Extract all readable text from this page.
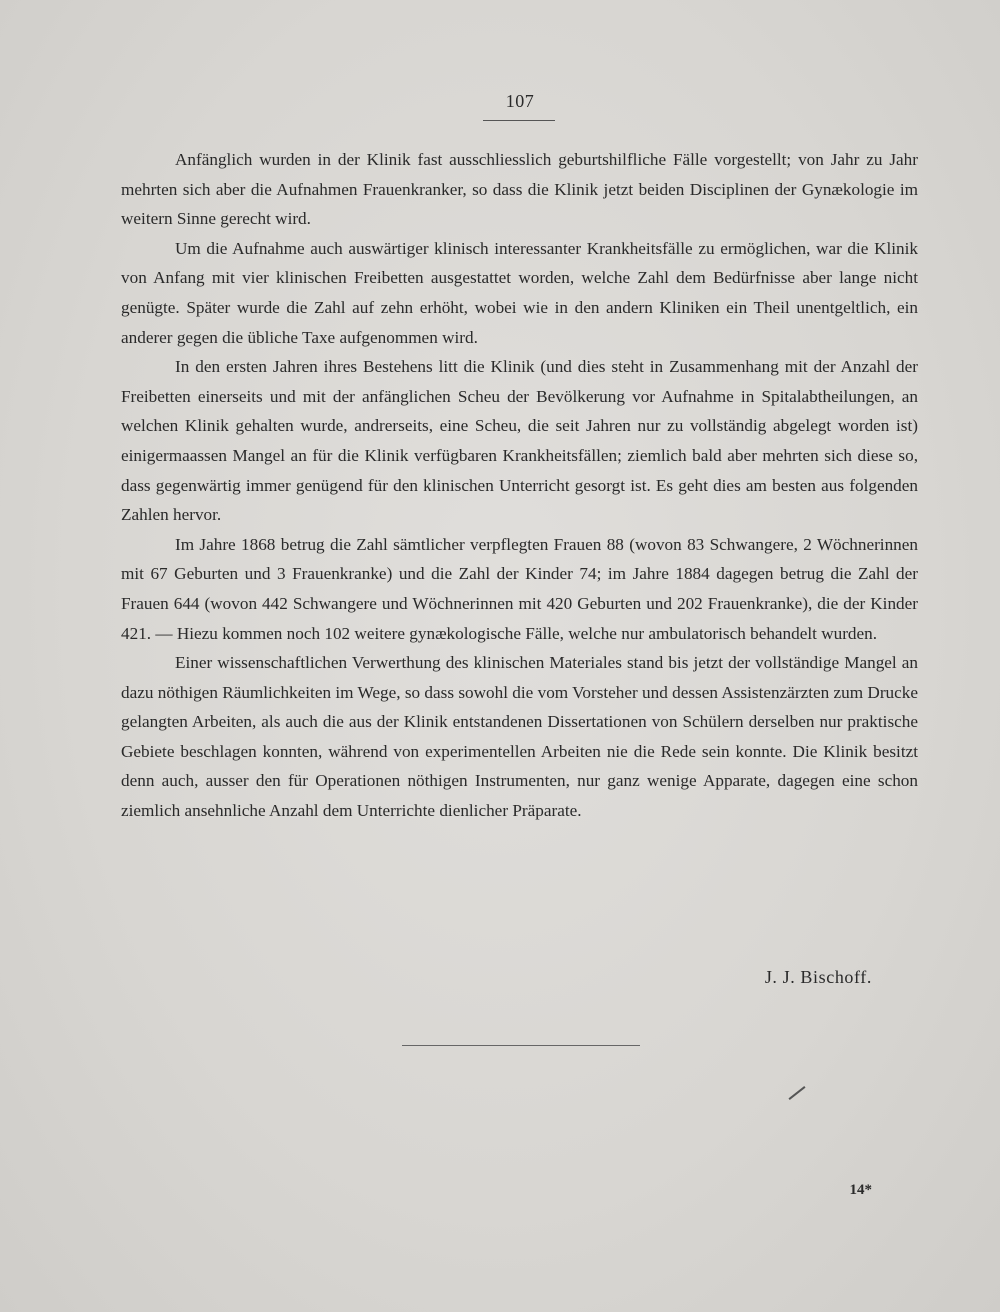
107

Anfänglich wurden in der Klinik fast ausschliesslich geburtshilfliche Fälle vorgestellt; von Jahr zu Jahr mehrten sich aber die Aufnahmen Frauenkranker, so dass die Klinik jetzt beiden Disciplinen der Gynækologie im weitern Sinne gerecht wird.

Um die Aufnahme auch auswärtiger klinisch interessanter Krankheitsfälle zu ermöglichen, war die Klinik von Anfang mit vier klinischen Freibetten ausgestattet worden, welche Zahl dem Bedürfnisse aber lange nicht genügte. Später wurde die Zahl auf zehn erhöht, wobei wie in den andern Kliniken ein Theil unentgeltlich, ein anderer gegen die übliche Taxe aufgenommen wird.

In den ersten Jahren ihres Bestehens litt die Klinik (und dies steht in Zusammenhang mit der Anzahl der Freibetten einerseits und mit der anfänglichen Scheu der Bevölkerung vor Aufnahme in Spitalabtheilungen, an welchen Klinik gehalten wurde, andrerseits, eine Scheu, die seit Jahren nur zu vollständig abgelegt worden ist) einigermaassen Mangel an für die Klinik verfügbaren Krankheitsfällen; ziemlich bald aber mehrten sich diese so, dass gegenwärtig immer genügend für den klinischen Unterricht gesorgt ist. Es geht dies am besten aus folgenden Zahlen hervor.

Im Jahre 1868 betrug die Zahl sämtlicher verpflegten Frauen 88 (wovon 83 Schwangere, 2 Wöchnerinnen mit 67 Geburten und 3 Frauenkranke) und die Zahl der Kinder 74; im Jahre 1884 dagegen betrug die Zahl der Frauen 644 (wovon 442 Schwangere und Wöchnerinnen mit 420 Geburten und 202 Frauenkranke), die der Kinder 421. — Hiezu kommen noch 102 weitere gynækologische Fälle, welche nur ambulatorisch behandelt wurden.

Einer wissenschaftlichen Verwerthung des klinischen Materiales stand bis jetzt der vollständige Mangel an dazu nöthigen Räumlichkeiten im Wege, so dass sowohl die vom Vorsteher und dessen Assistenzärzten zum Drucke gelangten Arbeiten, als auch die aus der Klinik entstandenen Dissertationen von Schülern derselben nur praktische Gebiete beschlagen konnten, während von experimentellen Arbeiten nie die Rede sein konnte. Die Klinik besitzt denn auch, ausser den für Operationen nöthigen Instrumenten, nur ganz wenige Apparate, dagegen eine schon ziemlich ansehnliche Anzahl dem Unterrichte dienlicher Präparate.

J. J. Bischoff.
14*
